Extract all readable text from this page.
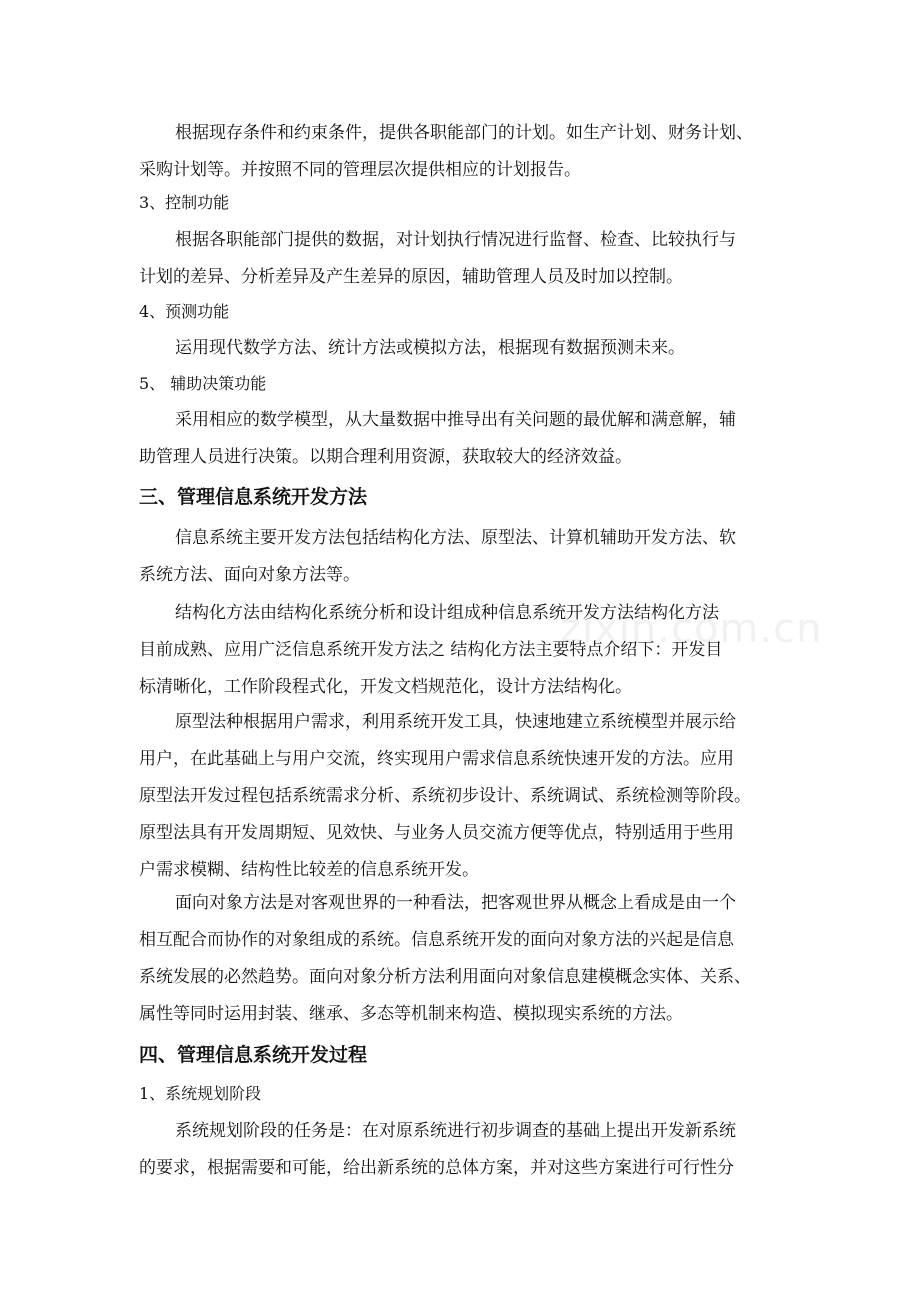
根据现存条件和约束条件，提供各职能部门的计划。如生产计划、财务计划、
采购计划等。并按照不同的管理层次提供相应的计划报告。
3、控制功能
根据各职能部门提供的数据，对计划执行情况进行监督、检查、比较执行与
计划的差异、分析差异及产生差异的原因，辅助管理人员及时加以控制。
4、预测功能
运用现代数学方法、统计方法或模拟方法，根据现有数据预测未来。
5、 辅助决策功能
采用相应的数学模型，从大量数据中推导出有关问题的最优解和满意解，辅
助管理人员进行决策。以期合理利用资源，获取较大的经济效益。
三、管理信息系统开发方法
信息系统主要开发方法包括结构化方法、原型法、计算机辅助开发方法、软
系统方法、面向对象方法等。
结构化方法由结构化系统分析和设计组成种信息系统开发方法结构化方法
目前成熟、应用广泛信息系统开发方法之 结构化方法主要特点介绍下：开发目
标清晰化，工作阶段程式化，开发文档规范化，设计方法结构化。
原型法种根据用户需求，利用系统开发工具，快速地建立系统模型并展示给
用户，在此基础上与用户交流，终实现用户需求信息系统快速开发的方法。应用
原型法开发过程包括系统需求分析、系统初步设计、系统调试、系统检测等阶段。
原型法具有开发周期短、见效快、与业务人员交流方便等优点，特别适用于些用
户需求模糊、结构性比较差的信息系统开发。
面向对象方法是对客观世界的一种看法，把客观世界从概念上看成是由一个
相互配合而协作的对象组成的系统。信息系统开发的面向对象方法的兴起是信息
系统发展的必然趋势。面向对象分析方法利用面向对象信息建模概念实体、关系、
属性等同时运用封装、继承、多态等机制来构造、模拟现实系统的方法。
四、管理信息系统开发过程
1、系统规划阶段
系统规划阶段的任务是：在对原系统进行初步调查的基础上提出开发新系统
的要求，根据需要和可能，给出新系统的总体方案，并对这些方案进行可行性分
zixin.com.cn
